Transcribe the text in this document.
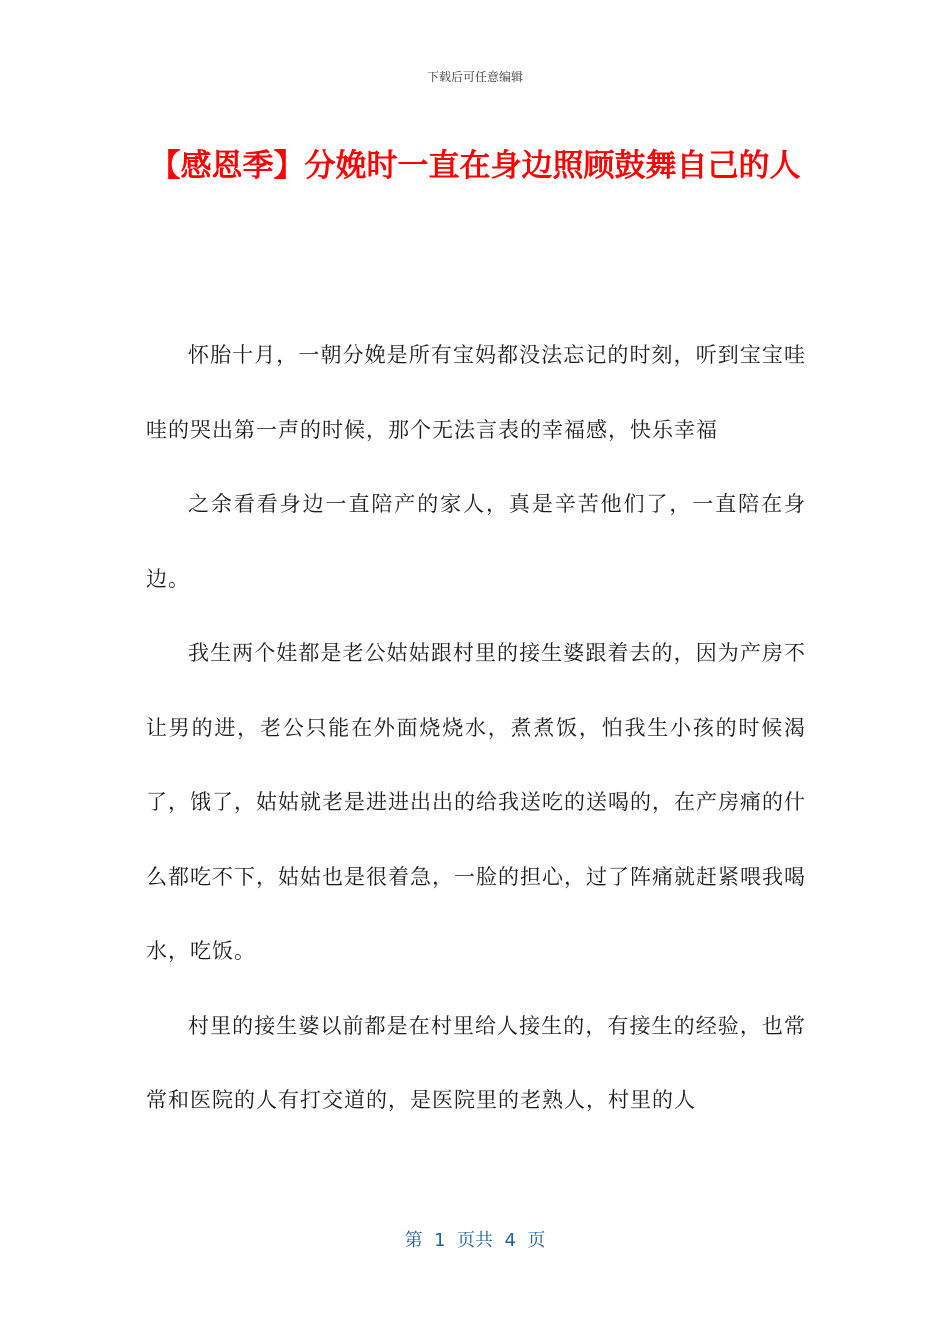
下载后可任意编辑
【感恩季】分娩时一直在身边照顾鼓舞自己的人

怀胎十月，一朝分娩是所有宝妈都没法忘记的时刻，听到宝宝哇哇的哭出第一声的时候，那个无法言表的幸福感，快乐幸福

之余看看身边一直陪产的家人，真是辛苦他们了，一直陪在身边。

我生两个娃都是老公姑姑跟村里的接生婆跟着去的，因为产房不让男的进，老公只能在外面烧烧水，煮煮饭，怕我生小孩的时候渴了，饿了，姑姑就老是进进出出的给我送吃的送喝的，在产房痛的什么都吃不下，姑姑也是很着急，一脸的担心，过了阵痛就赶紧喂我喝水，吃饭。

村里的接生婆以前都是在村里给人接生的，有接生的经验，也常常和医院的人有打交道的，是医院里的老熟人，村里的人

第  1  页共  4  页
